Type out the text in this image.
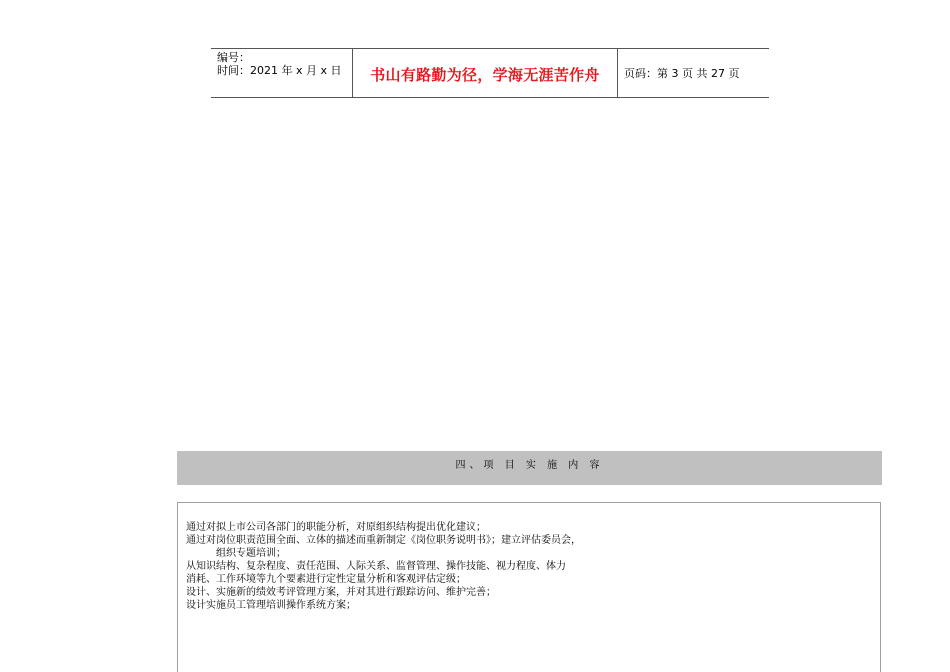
编号：
时间：2021 年 x 月 x 日	书山有路勤为径，学海无涯苦作舟	页码：第 3 页 共 27 页
四、项 目 实 施 内 容
通过对拟上市公司各部门的职能分析，对原组织结构提出优化建议；
通过对岗位职责范围全面、立体的描述而重新制定《岗位职务说明书》；建立评估委员会，
组织专题培训；
从知识结构、复杂程度、责任范围、人际关系、监督管理、操作技能、视力程度、体力
消耗、工作环境等九个要素进行定性定量分析和客观评估定级；
设计、实施新的绩效考评管理方案，并对其进行跟踪访问、维护完善；
设计实施员工管理培训操作系统方案；
